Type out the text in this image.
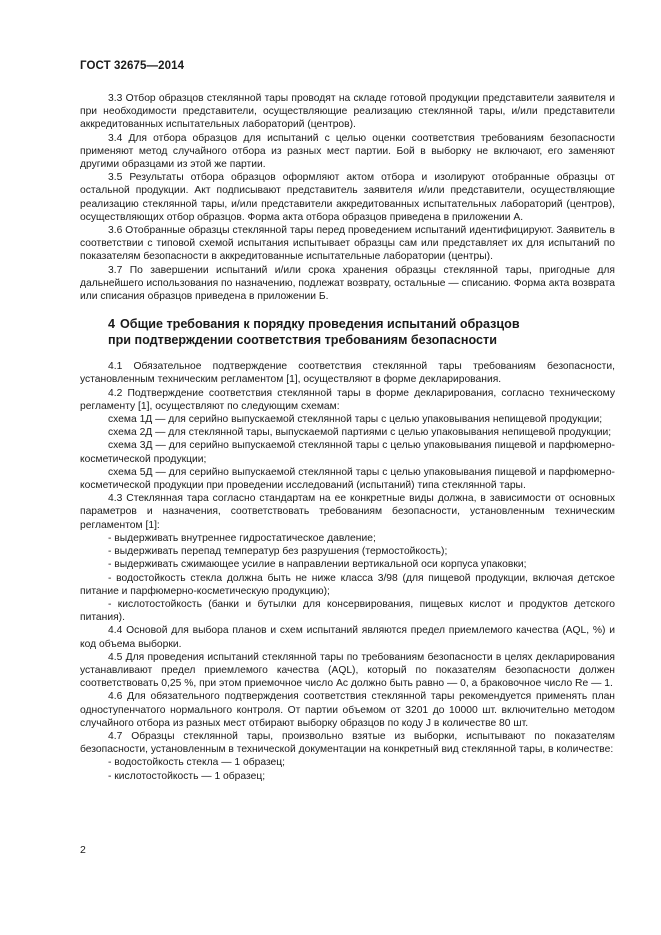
ГОСТ 32675—2014

3.3 Отбор образцов стеклянной тары проводят на складе готовой продукции представители заявителя и при необходимости представители, осуществляющие реализацию стеклянной тары, и/или представители аккредитованных испытательных лабораторий (центров).

3.4 Для отбора образцов для испытаний с целью оценки соответствия требованиям безопасности применяют метод случайного отбора из разных мест партии. Бой в выборку не включают, его заменяют другими образцами из этой же партии.

3.5 Результаты отбора образцов оформляют актом отбора и изолируют отобранные образцы от остальной продукции. Акт подписывают представитель заявителя и/или представители, осуществляющие реализацию стеклянной тары, и/или представители аккредитованных испытательных лабораторий (центров), осуществляющих отбор образцов. Форма акта отбора образцов приведена в приложении А.

3.6 Отобранные образцы стеклянной тары перед проведением испытаний идентифицируют. Заявитель в соответствии с типовой схемой испытания испытывает образцы сам или представляет их для испытаний по показателям безопасности в аккредитованные испытательные лаборатории (центры).

3.7 По завершении испытаний и/или срока хранения образцы стеклянной тары, пригодные для дальнейшего использования по назначению, подлежат возврату, остальные — списанию. Форма акта возврата или списания образцов приведена в приложении Б.

4 Общие требования к порядку проведения испытаний образцов
при подтверждении соответствия требованиям безопасности

4.1 Обязательное подтверждение соответствия стеклянной тары требованиям безопасности, установленным техническим регламентом [1], осуществляют в форме декларирования.

4.2 Подтверждение соответствия стеклянной тары в форме декларирования, согласно техническому регламенту [1], осуществляют по следующим схемам:

схема 1Д — для серийно выпускаемой стеклянной тары с целью упаковывания непищевой продукции;

схема 2Д — для стеклянной тары, выпускаемой партиями с целью упаковывания непищевой продукции;

схема 3Д — для серийно выпускаемой стеклянной тары с целью упаковывания пищевой и парфюмерно-косметической продукции;

схема 5Д — для серийно выпускаемой стеклянной тары с целью упаковывания пищевой и парфюмерно-косметической продукции при проведении исследований (испытаний) типа стеклянной тары.

4.3 Стеклянная тара согласно стандартам на ее конкретные виды должна, в зависимости от основных параметров и назначения, соответствовать требованиям безопасности, установленным техническим регламентом [1]:

- выдерживать внутреннее гидростатическое давление;

- выдерживать перепад температур без разрушения (термостойкость);

- выдерживать сжимающее усилие в направлении вертикальной оси корпуса упаковки;

- водостойкость стекла должна быть не ниже класса 3/98 (для пищевой продукции, включая детское питание и парфюмерно-косметическую продукцию);

- кислотостойкость (банки и бутылки для консервирования, пищевых кислот и продуктов детского питания).

4.4 Основой для выбора планов и схем испытаний являются предел приемлемого качества (AQL, %) и код объема выборки.

4.5 Для проведения испытаний стеклянной тары по требованиям безопасности в целях декларирования устанавливают предел приемлемого качества (AQL), который по показателям безопасности должен соответствовать 0,25 %, при этом приемочное число Ас должно быть равно — 0, а браковочное число Re — 1.

4.6 Для обязательного подтверждения соответствия стеклянной тары рекомендуется применять план одноступенчатого нормального контроля. От партии объемом от 3201 до 10000 шт. включительно методом случайного отбора из разных мест отбирают выборку образцов по коду J в количестве 80 шт.

4.7 Образцы стеклянной тары, произвольно взятые из выборки, испытывают по показателям безопасности, установленным в технической документации на конкретный вид стеклянной тары, в количестве:

- водостойкость стекла — 1 образец;

- кислотостойкость — 1 образец;

2
